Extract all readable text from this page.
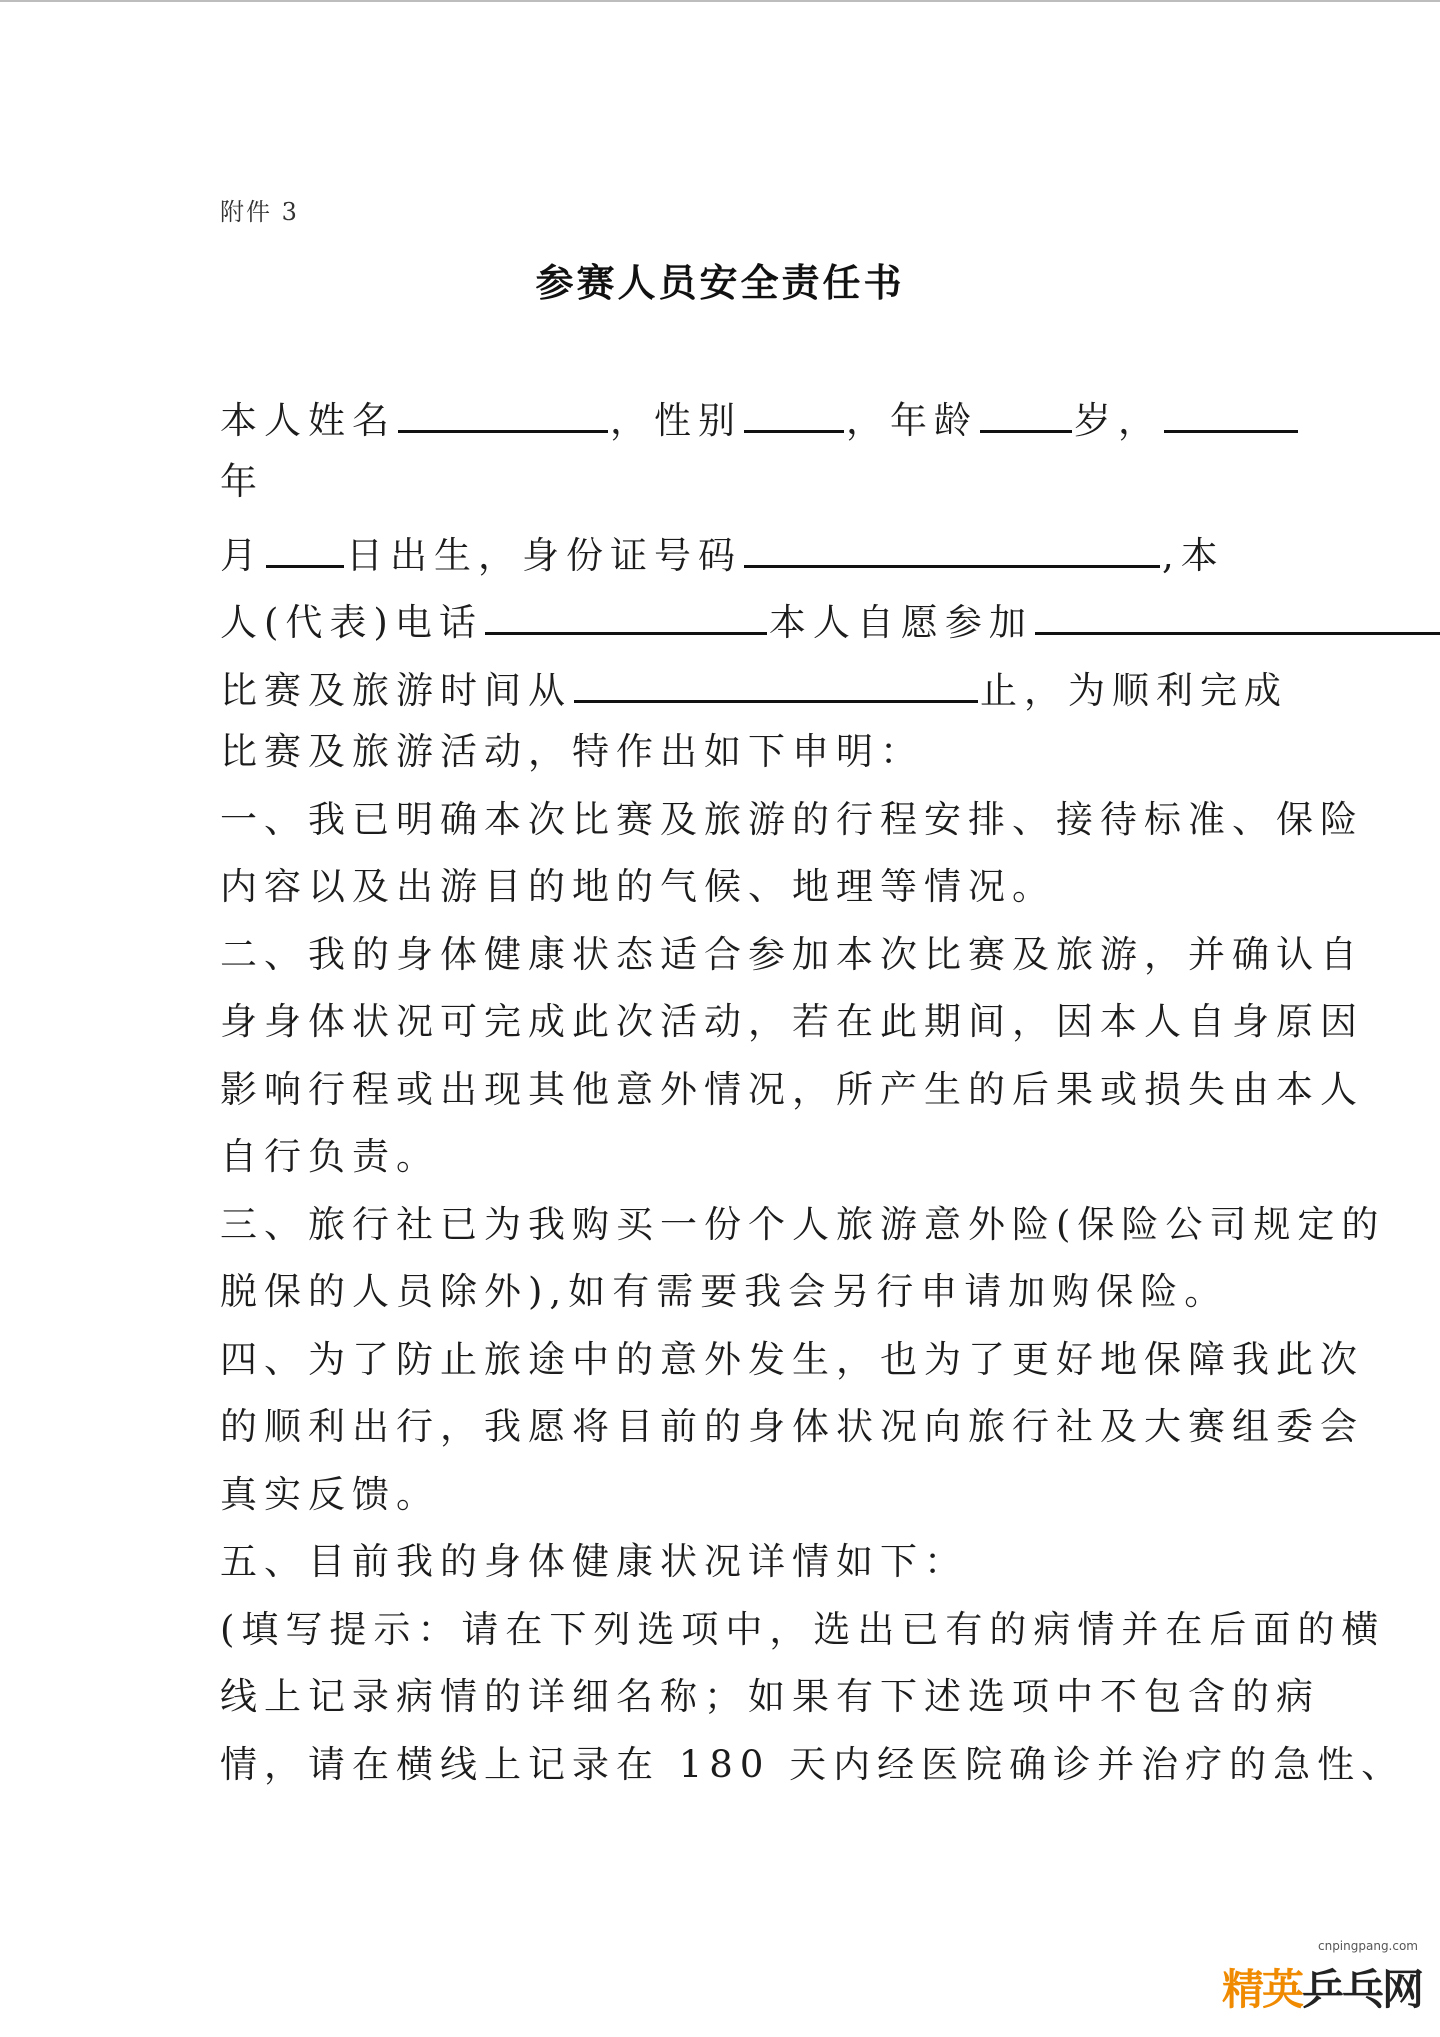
附件 3
参赛人员安全责任书
本人姓名	，性别	，年龄	岁，
年
月 日出生，身份证号码	,本
人(代表)电话	本人自愿参加
比赛及旅游时间从	止，为顺利完成
比赛及旅游活动，特作出如下申明：
一、我已明确本次比赛及旅游的行程安排、接待标准、保险
内容以及出游目的地的气候、地理等情况。
二、我的身体健康状态适合参加本次比赛及旅游，并确认自
身身体状况可完成此次活动，若在此期间，因本人自身原因
影响行程或出现其他意外情况，所产生的后果或损失由本人
自行负责。
三、旅行社已为我购买一份个人旅游意外险(保险公司规定的
脱保的人员除外),如有需要我会另行申请加购保险。
四、为了防止旅途中的意外发生，也为了更好地保障我此次
的顺利出行，我愿将目前的身体状况向旅行社及大赛组委会
真实反馈。
五、目前我的身体健康状况详情如下：
(填写提示：请在下列选项中，选出已有的病情并在后面的横
线上记录病情的详细名称；如果有下述选项中不包含的病
情，请在横线上记录在 180 天内经医院确诊并治疗的急性、
cnpingpang.com
精英乒乓网
